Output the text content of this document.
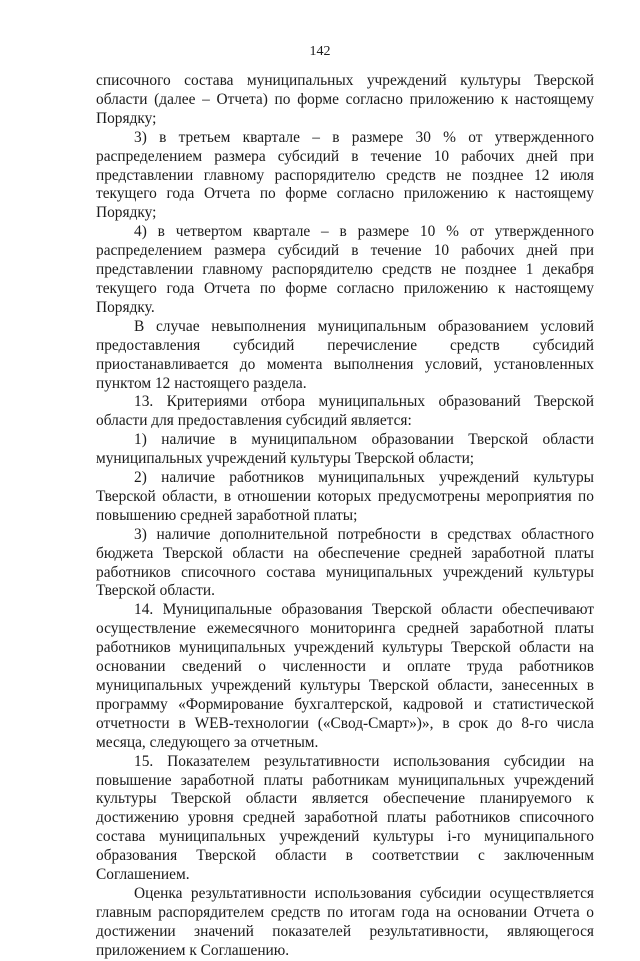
142

списочного состава муниципальных учреждений культуры Тверской области (далее – Отчета) по форме согласно приложению к настоящему Порядку;

3) в третьем квартале – в размере 30 % от утвержденного распределением размера субсидий в течение 10 рабочих дней при представлении главному распорядителю средств не позднее 12 июля текущего года Отчета по форме согласно приложению к настоящему Порядку;

4) в четвертом квартале – в размере 10 % от утвержденного распределением размера субсидий в течение 10 рабочих дней при представлении главному распорядителю средств не позднее 1 декабря текущего года Отчета по форме согласно приложению к настоящему Порядку.

В случае невыполнения муниципальным образованием условий предоставления субсидий перечисление средств субсидий приостанавливается до момента выполнения условий, установленных пунктом 12 настоящего раздела.

13. Критериями отбора муниципальных образований Тверской области для предоставления субсидий является:

1) наличие в муниципальном образовании Тверской области муниципальных учреждений культуры Тверской области;

2) наличие работников муниципальных учреждений культуры Тверской области, в отношении которых предусмотрены мероприятия по повышению средней заработной платы;

3) наличие дополнительной потребности в средствах областного бюджета Тверской области на обеспечение средней заработной платы работников списочного состава муниципальных учреждений культуры Тверской области.

14. Муниципальные образования Тверской области обеспечивают осуществление ежемесячного мониторинга средней заработной платы работников муниципальных учреждений культуры Тверской области на основании сведений о численности и оплате труда работников муниципальных учреждений культуры Тверской области, занесенных в программу «Формирование бухгалтерской, кадровой и статистической отчетности в WEB-технологии («Свод-Смарт»)», в срок до 8-го числа месяца, следующего за отчетным.

15. Показателем результативности использования субсидии на повышение заработной платы работникам муниципальных учреждений культуры Тверской области является обеспечение планируемого к достижению уровня средней заработной платы работников списочного состава муниципальных учреждений культуры i-го муниципального образования Тверской области в соответствии с заключенным Соглашением.

Оценка результативности использования субсидии осуществляется главным распорядителем средств по итогам года на основании Отчета о достижении значений показателей результативности, являющегося приложением к Соглашению.
